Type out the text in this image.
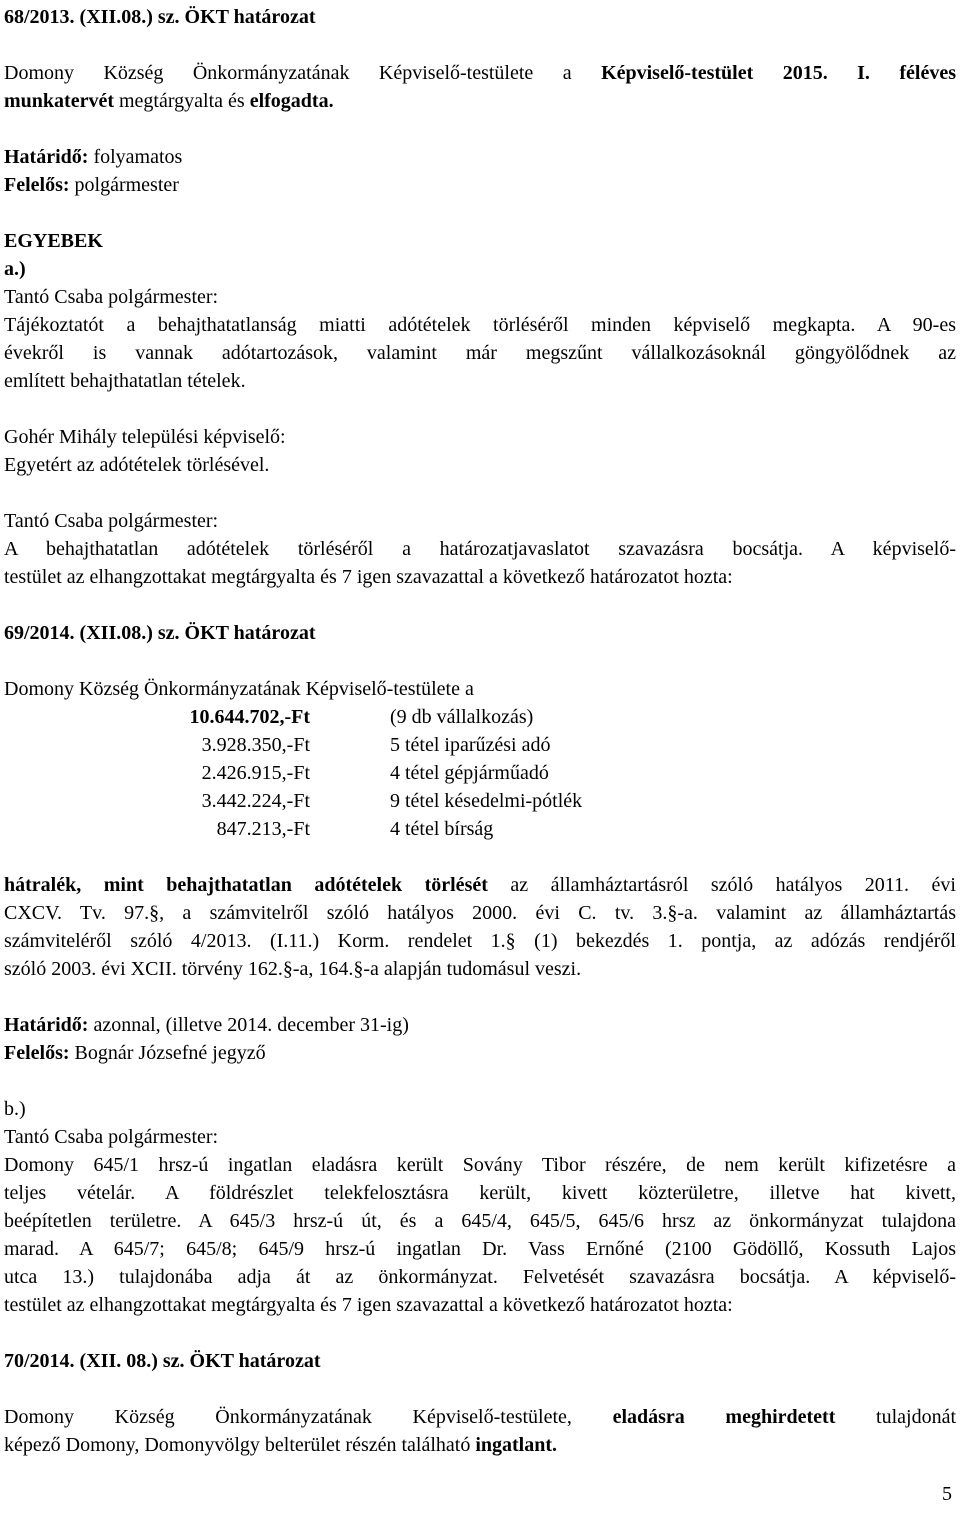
68/2013. (XII.08.) sz. ÖKT határozat

Domony Község Önkormányzatának Képviselő-testülete a Képviselő-testület 2015. I. féléves

munkatervét megtárgyalta és elfogadta.

Határidő: folyamatos

Felelős: polgármester

EGYEBEK

a.)

Tantó Csaba polgármester:

Tájékoztatót a behajthatatlanság miatti adótételek törléséről minden képviselő megkapta. A 90-es

évekről is vannak adótartozások, valamint már megszűnt vállalkozásoknál göngyölődnek az

említett behajthatatlan tételek.

Gohér Mihály települési képviselő:

Egyetért az adótételek törlésével.

Tantó Csaba polgármester:

A behajthatatlan adótételek törléséről a határozatjavaslatot szavazásra bocsátja. A képviselő-

testület az elhangzottakat megtárgyalta és 7 igen szavazattal a következő határozatot hozta:

69/2014. (XII.08.) sz. ÖKT határozat

Domony Község Önkormányzatának Képviselő-testülete a

10.644.702,-Ft	(9 db vállalkozás)
3.928.350,-Ft	5 tétel iparűzési adó
2.426.915,-Ft	4 tétel gépjárműadó
3.442.224,-Ft	9 tétel késedelmi-pótlék
847.213,-Ft	4 tétel bírság

hátralék, mint behajthatatlan adótételek törlését az államháztartásról szóló hatályos 2011. évi

CXCV. Tv. 97.§, a számvitelről szóló hatályos 2000. évi C. tv. 3.§-a. valamint az államháztartás

számviteléről szóló 4/2013. (I.11.) Korm. rendelet 1.§ (1) bekezdés 1. pontja, az adózás rendjéről

szóló 2003. évi XCII. törvény 162.§-a, 164.§-a alapján tudomásul veszi.

Határidő: azonnal, (illetve 2014. december 31-ig)

Felelős: Bognár Józsefné jegyző

b.)

Tantó Csaba polgármester:

Domony 645/1 hrsz-ú ingatlan eladásra került Sovány Tibor részére, de nem került kifizetésre a

teljes vételár. A földrészlet telekfelosztásra került, kivett közterületre, illetve hat kivett,

beépítetlen területre. A 645/3 hrsz-ú út, és a 645/4, 645/5, 645/6 hrsz az önkormányzat tulajdona

marad. A 645/7; 645/8; 645/9 hrsz-ú ingatlan Dr. Vass Ernőné (2100 Gödöllő, Kossuth Lajos

utca 13.) tulajdonába adja át az önkormányzat. Felvetését szavazásra bocsátja. A képviselő-

testület az elhangzottakat megtárgyalta és 7 igen szavazattal a következő határozatot hozta:

70/2014. (XII. 08.) sz. ÖKT határozat

Domony Község Önkormányzatának Képviselő-testülete, eladásra meghirdetett tulajdonát

képező Domony, Domonyvölgy belterület részén található ingatlant.

5
